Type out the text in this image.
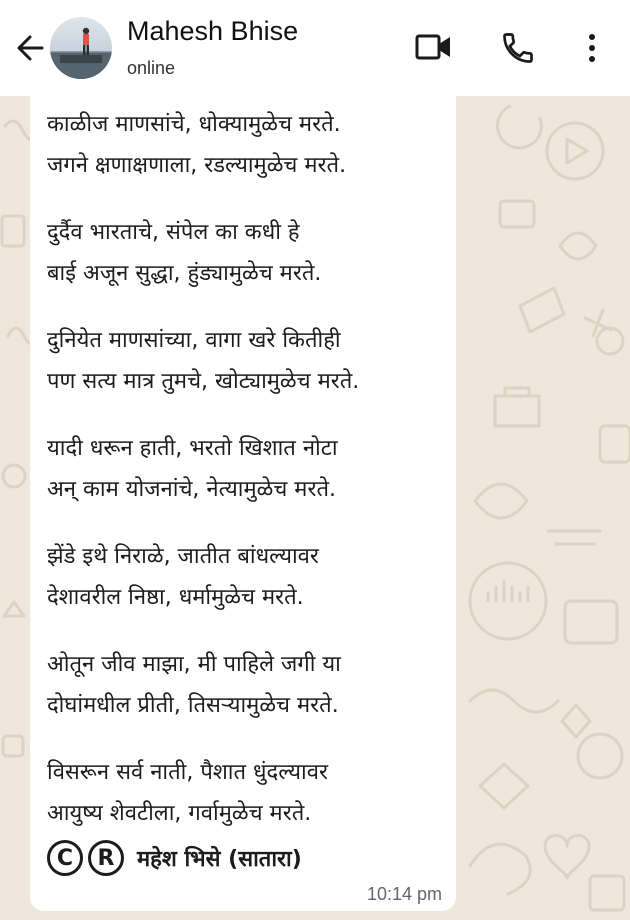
Mahesh Bhise
online
काळीज माणसांचे, धोक्यामुळेच मरते.
जगने क्षणाक्षणाला, रडल्यामुळेच मरते.
दुर्दैव भारताचे, संपेल का कधी हे
बाई अजून सुद्धा, हुंड्यामुळेच मरते.
दुनियेत माणसांच्या, वागा खरे कितीही
पण सत्य मात्र तुमचे, खोट्यामुळेच मरते.
यादी धरून हाती, भरतो खिशात नोटा
अन् काम योजनांचे, नेत्यामुळेच मरते.
झेंडे इथे निराळे, जातीत बांधल्यावर
देशावरील निष्ठा, धर्मामुळेच मरते.
ओतून जीव माझा, मी पाहिले जगी या
दोघांमधील प्रीती, तिसऱ्यामुळेच मरते.
विसरून सर्व नाती, पैशात धुंदल्यावर
आयुष्य शेवटीला, गर्वामुळेच मरते.
C	R	महेश भिसे (सातारा)
10:14 pm
